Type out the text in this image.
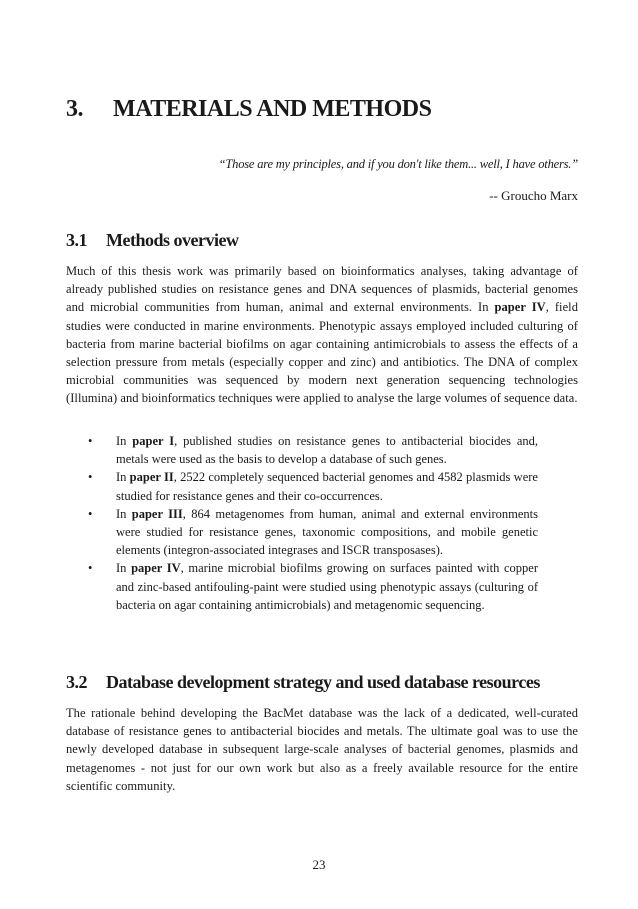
3. MATERIALS AND METHODS

“Those are my principles, and if you don't like them... well, I have others.”

-- Groucho Marx

3.1 Methods overview

Much of this thesis work was primarily based on bioinformatics analyses, taking advantage of already published studies on resistance genes and DNA sequences of plasmids, bacterial genomes and microbial communities from human, animal and external environments. In paper IV, field studies were conducted in marine environments. Phenotypic assays employed included culturing of bacteria from marine bacterial biofilms on agar containing antimicrobials to assess the effects of a selection pressure from metals (especially copper and zinc) and antibiotics. The DNA of complex microbial communities was sequenced by modern next generation sequencing technologies (Illumina) and bioinformatics techniques were applied to analyse the large volumes of sequence data.

• In paper I, published studies on resistance genes to antibacterial biocides and, metals were used as the basis to develop a database of such genes.
• In paper II, 2522 completely sequenced bacterial genomes and 4582 plasmids were studied for resistance genes and their co-occurrences.
• In paper III, 864 metagenomes from human, animal and external environments were studied for resistance genes, taxonomic compositions, and mobile genetic elements (integron-associated integrases and ISCR transposases).
• In paper IV, marine microbial biofilms growing on surfaces painted with copper and zinc-based antifouling-paint were studied using phenotypic assays (culturing of bacteria on agar containing antimicrobials) and metagenomic sequencing.
3.2 Database development strategy and used database resources

The rationale behind developing the BacMet database was the lack of a dedicated, well-curated database of resistance genes to antibacterial biocides and metals. The ultimate goal was to use the newly developed database in subsequent large-scale analyses of bacterial genomes, plasmids and metagenomes - not just for our own work but also as a freely available resource for the entire scientific community.

23
